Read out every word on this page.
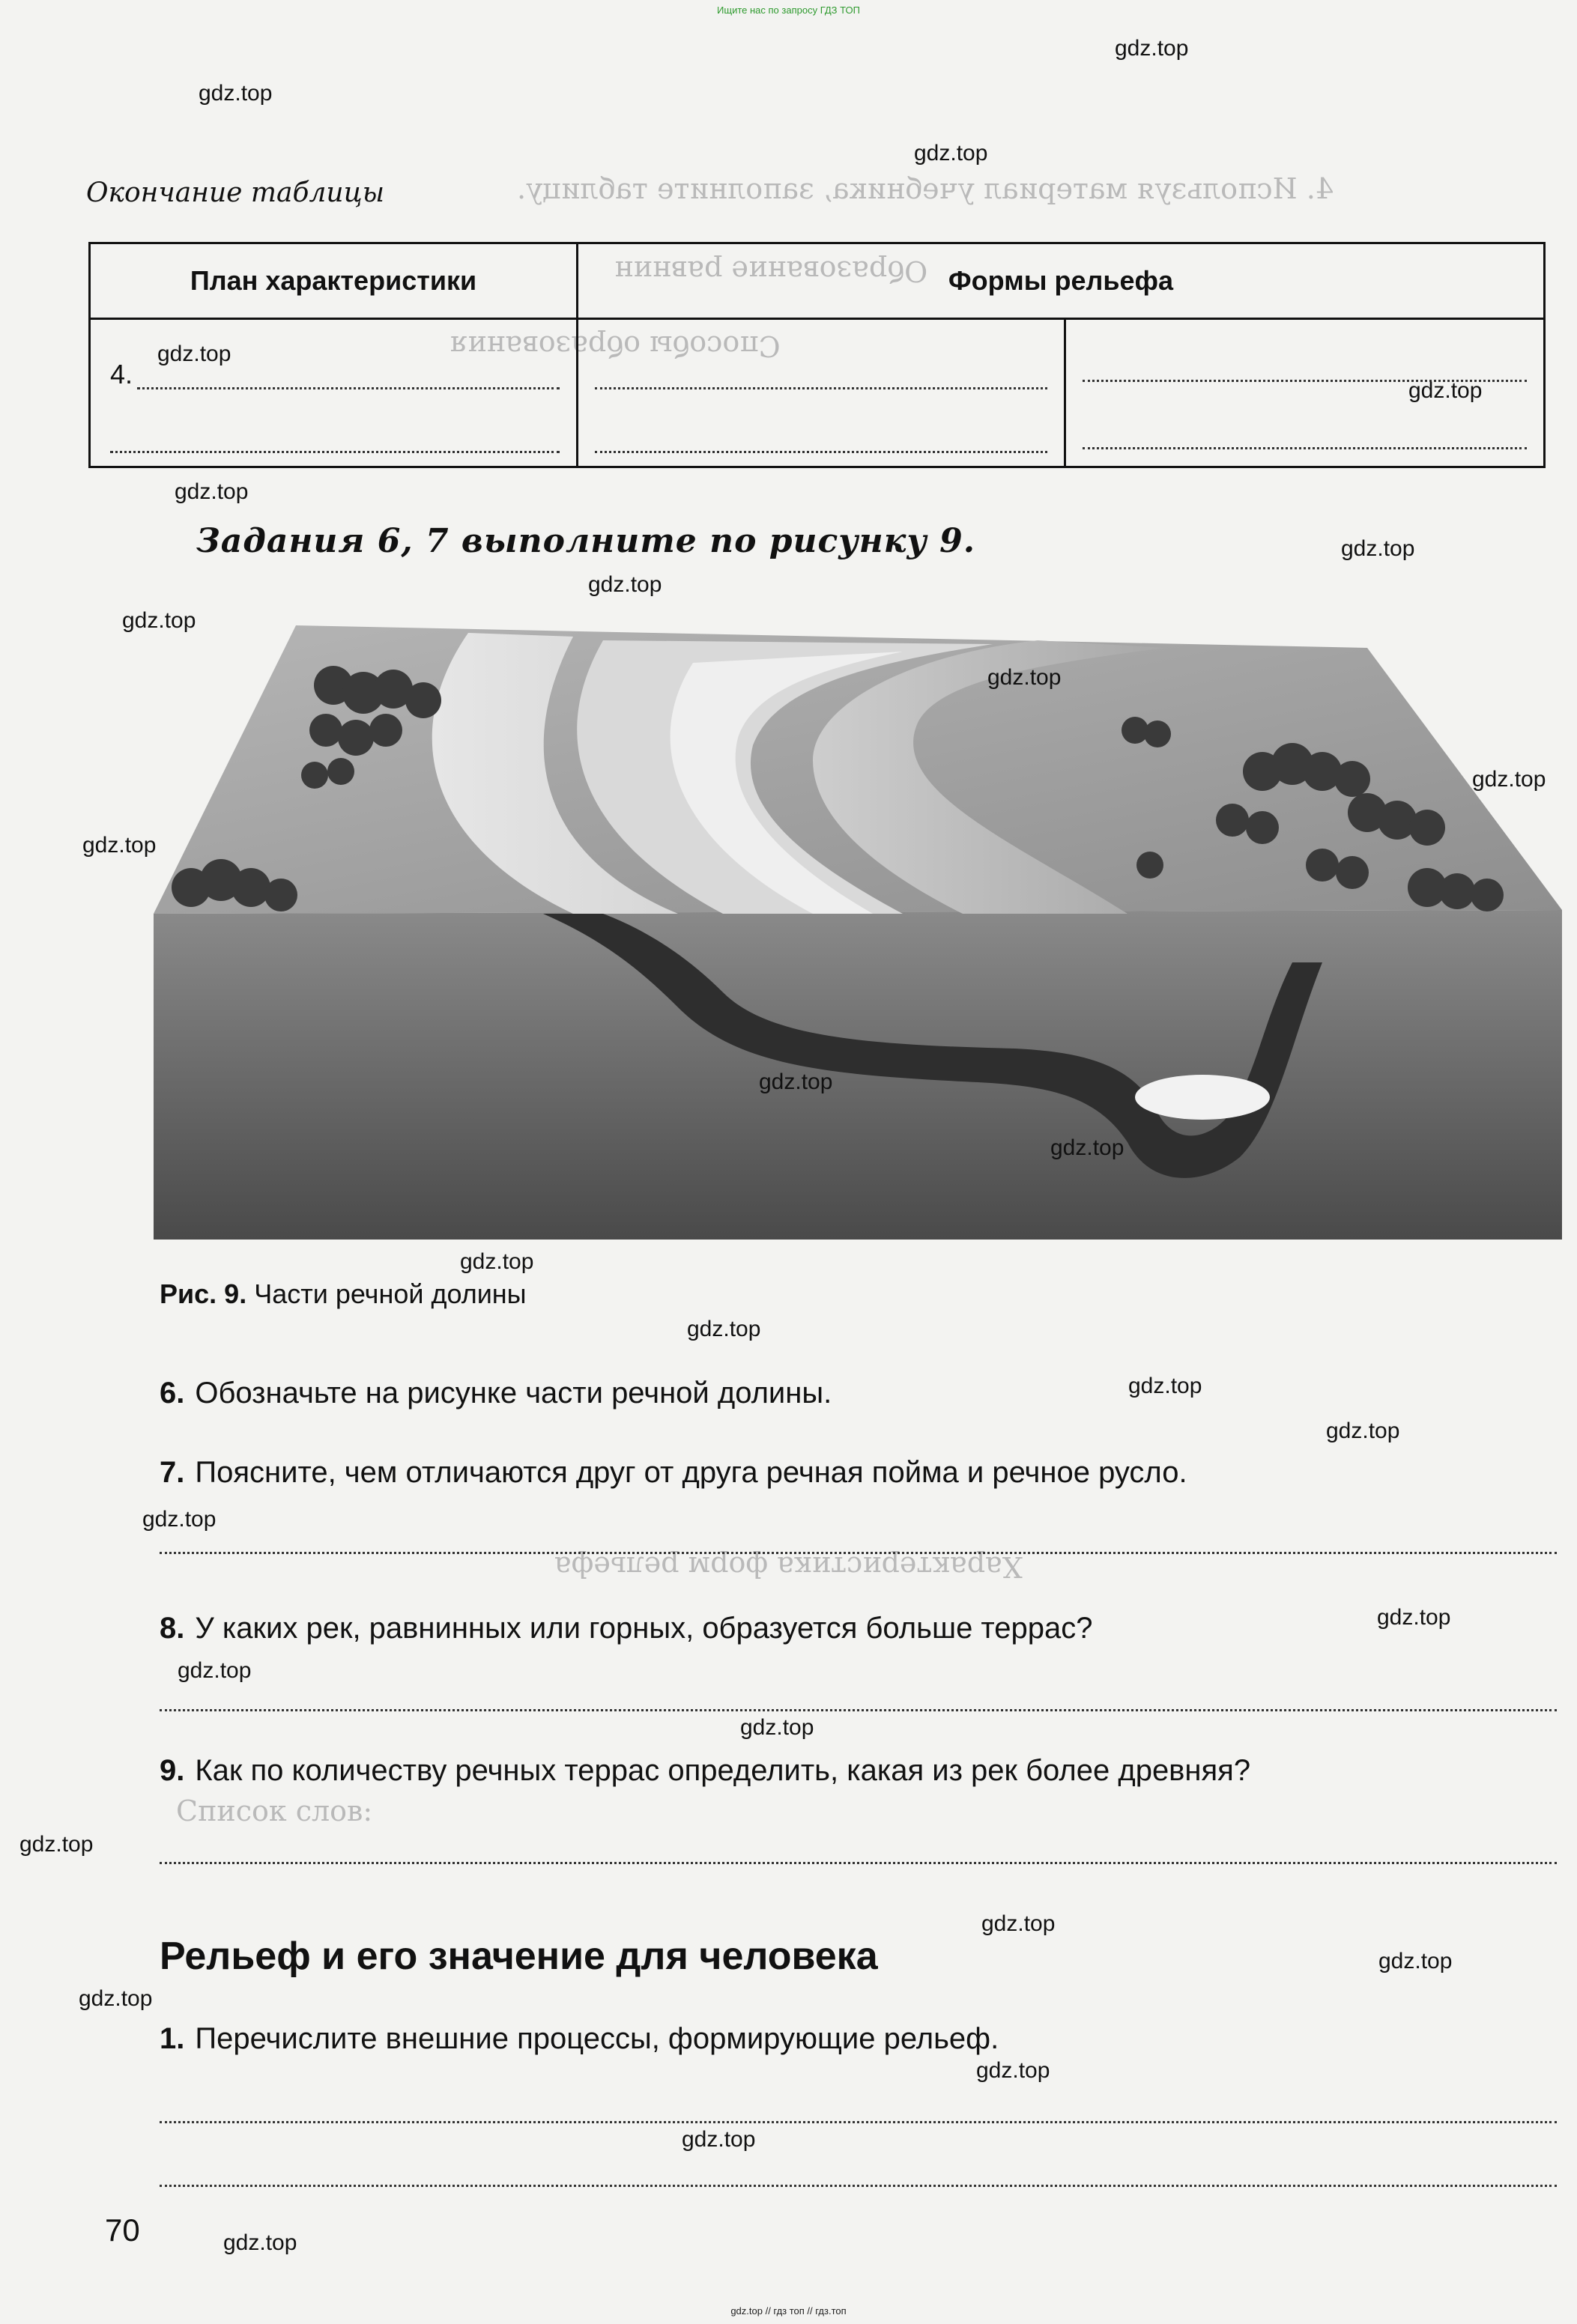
Ищите нас по запросу ГДЗ ТОП
4. Используя материал учебника, заполните таблицу.
Образование равнин
Способы образования
Характеристика форм рельефа
Список слов:
Окончание таблицы
План характеристики	Формы рельефа	

4.		

Задания 6, 7 выполните по рисунку 9.
Рис. 9. Части речной долины
6. Обозначьте на рисунке части речной долины.
7. Поясните, чем отличаются друг от друга речная пойма и речное русло.
8. У каких рек, равнинных или горных, образуется больше террас?
9. Как по количеству речных террас определить, какая из рек более древняя?
Рельеф и его значение для человека
1. Перечислите внешние процессы, формирующие рельеф.
70
gdz.top
gdz.top
gdz.top
gdz.top
gdz.top
gdz.top
gdz.top
gdz.top
gdz.top
gdz.top
gdz.top
gdz.top
gdz.top
gdz.top
gdz.top
gdz.top
gdz.top
gdz.top
gdz.top
gdz.top
gdz.top
gdz.top
gdz.top
gdz.top
gdz.top
gdz.top
gdz.top
gdz.top
gdz.top
gdz.top // гдз топ // гдз.топ
